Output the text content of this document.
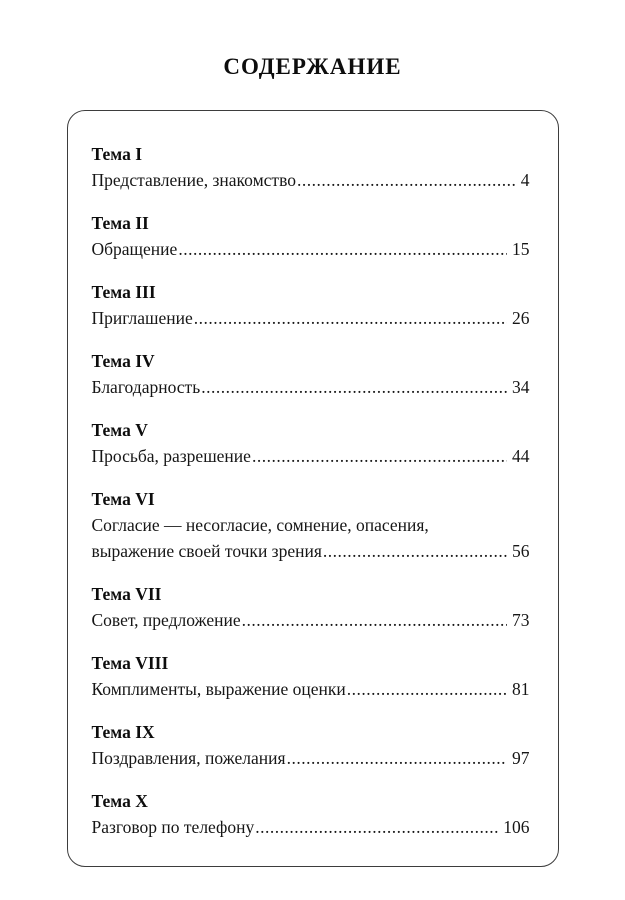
СОДЕРЖАНИЕ
Тема I
Представление, знакомство .....	4
Тема II
Обращение .....	15
Тема III
Приглашение .....	26
Тема IV
Благодарность .....	34
Тема V
Просьба, разрешение .....	44
Тема VI
Согласие — несогласие, сомнение, опасения,
выражение своей точки зрения .....	56
Тема VII
Совет, предложение .....	73
Тема VIII
Комплименты, выражение оценки .....	81
Тема IX
Поздравления, пожелания .....	97
Тема X
Разговор по телефону .....	106
